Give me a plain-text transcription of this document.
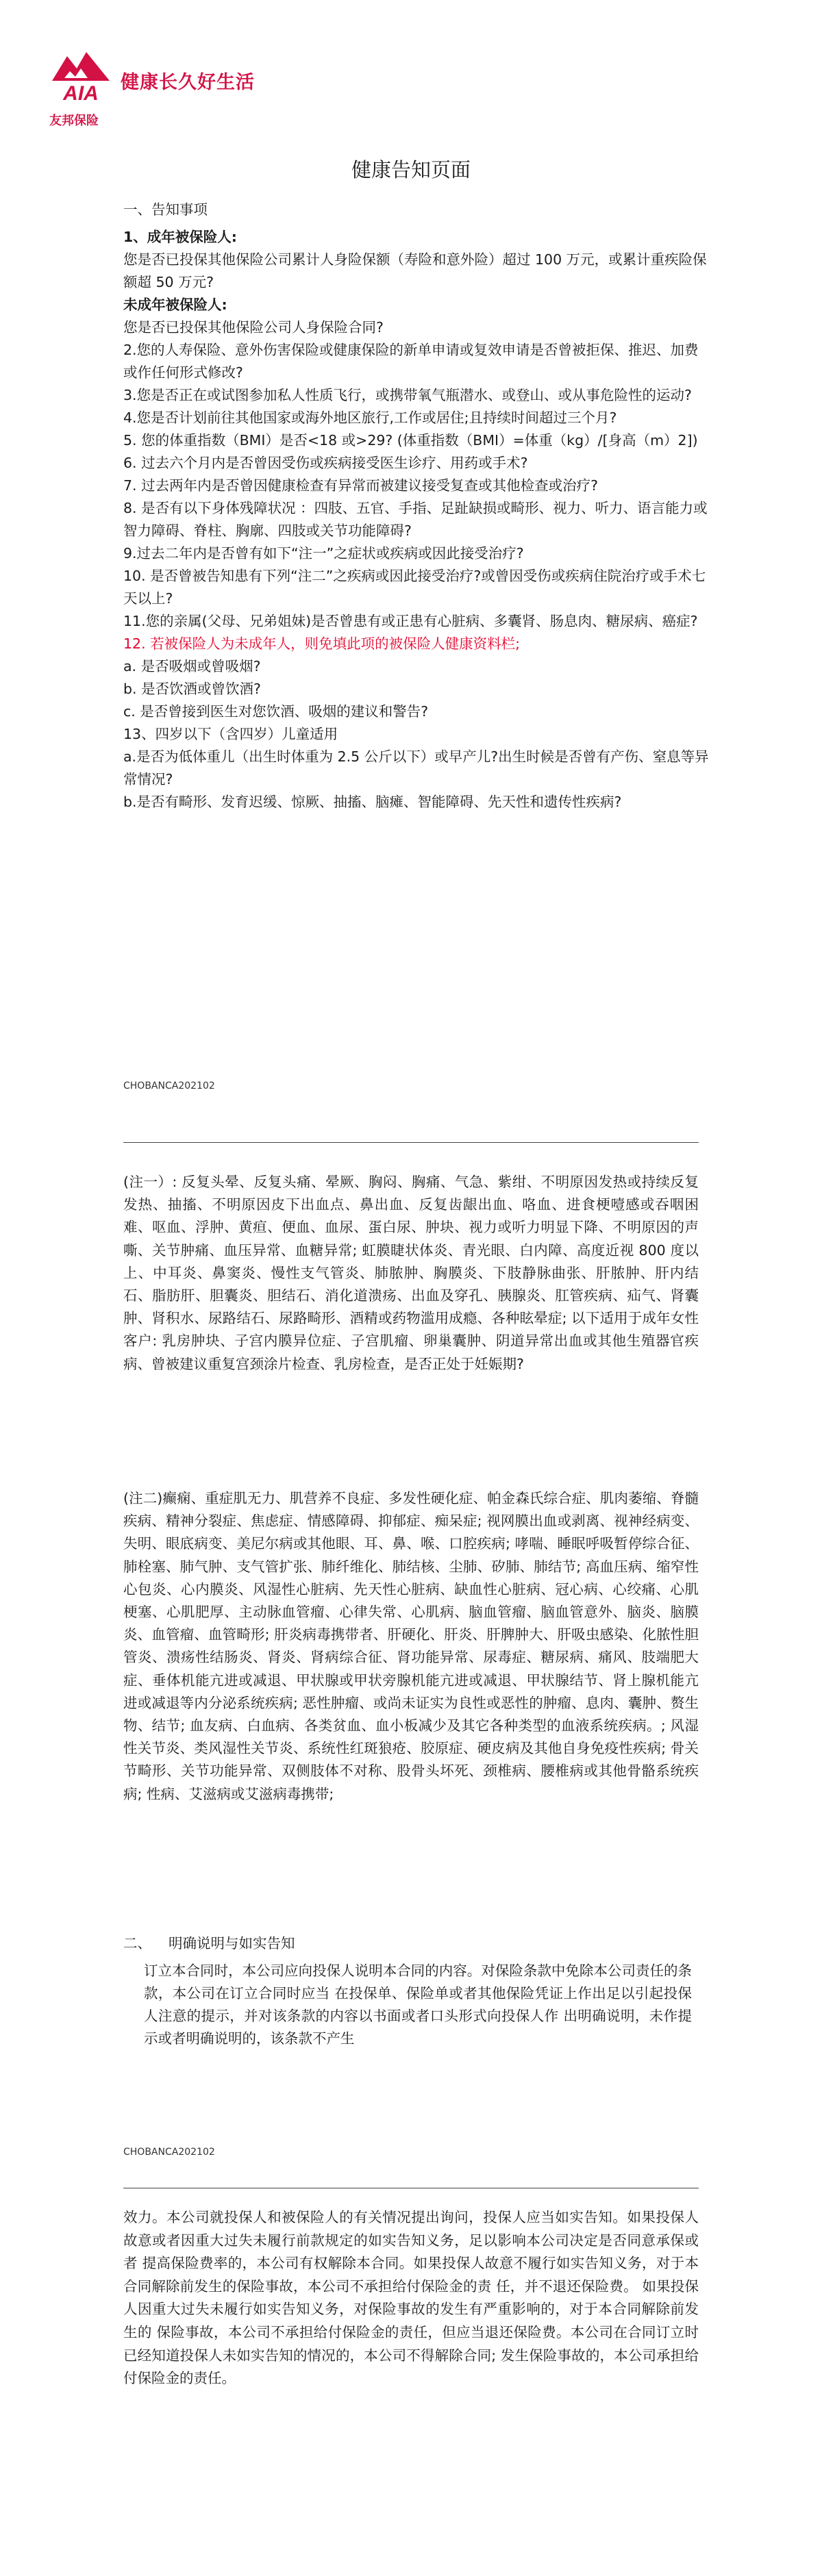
AIA 健康长久好生活
友邦保险
健康告知页面

一、告知事项

1、成年被保险人:

您是否已投保其他保险公司累计人身险保额（寿险和意外险）超过 100 万元，或累计重疾险保额超 50 万元?

未成年被保险人:

您是否已投保其他保险公司人身保险合同?

2.您的人寿保险、意外伤害保险或健康保险的新单申请或复效申请是否曾被拒保、推迟、加费或作任何形式修改?

3.您是否正在或试图参加私人性质飞行，或携带氧气瓶潜水、或登山、或从事危险性的运动?

4.您是否计划前往其他国家或海外地区旅行,工作或居住;且持续时间超过三个月?

5. 您的体重指数（BMI）是否<18 或>29? (体重指数（BMI）=体重（kg）/[身高（m）2])

6. 过去六个月内是否曾因受伤或疾病接受医生诊疗、用药或手术?

7. 过去两年内是否曾因健康检查有异常而被建议接受复查或其他检查或治疗?

8. 是否有以下身体残障状况 ：四肢、五官、手指、足趾缺损或畸形、视力、听力、语言能力或智力障碍、脊柱、胸廓、四肢或关节功能障碍?

9.过去二年内是否曾有如下“注一”之症状或疾病或因此接受治疗?

10. 是否曾被告知患有下列“注二”之疾病或因此接受治疗?或曾因受伤或疾病住院治疗或手术七天以上?

11.您的亲属(父母、兄弟姐妹)是否曾患有或正患有心脏病、多囊肾、肠息肉、糖尿病、癌症?

12. 若被保险人为未成年人，则免填此项的被保险人健康资料栏;

a. 是否吸烟或曾吸烟?

b. 是否饮酒或曾饮酒?

c. 是否曾接到医生对您饮酒、吸烟的建议和警告?

13、四岁以下（含四岁）儿童适用

a.是否为低体重儿（出生时体重为 2.5 公斤以下）或早产儿?出生时候是否曾有产伤、窒息等异常情况?

b.是否有畸形、发育迟缓、惊厥、抽搐、脑瘫、智能障碍、先天性和遗传性疾病?

CHOBANCA202102

(注一）: 反复头晕、反复头痛、晕厥、胸闷、胸痛、气急、紫绀、不明原因发热或持续反复发热、抽搐、不明原因皮下出血点、鼻出血、反复齿龈出血、咯血、进食梗噎感或吞咽困难、呕血、浮肿、黄疸、便血、血尿、蛋白尿、肿块、视力或听力明显下降、不明原因的声嘶、关节肿痛、血压异常、血糖异常; 虹膜睫状体炎、青光眼、白内障、高度近视 800 度以上、中耳炎、鼻窦炎、慢性支气管炎、肺脓肿、胸膜炎、下肢静脉曲张、肝脓肿、肝内结石、脂肪肝、胆囊炎、胆结石、消化道溃疡、出血及穿孔、胰腺炎、肛管疾病、疝气、肾囊肿、肾积水、尿路结石、尿路畸形、酒精或药物滥用成瘾、各种眩晕症; 以下适用于成年女性客户: 乳房肿块、子宫内膜异位症、子宫肌瘤、卵巢囊肿、阴道异常出血或其他生殖器官疾病、曾被建议重复宫颈涂片检查、乳房检查，是否正处于妊娠期?

(注二)癫痫、重症肌无力、肌营养不良症、多发性硬化症、帕金森氏综合症、肌肉萎缩、脊髓疾病、精神分裂症、焦虑症、情感障碍、抑郁症、痴呆症; 视网膜出血或剥离、视神经病变、失明、眼底病变、美尼尔病或其他眼、耳、鼻、喉、口腔疾病; 哮喘、睡眠呼吸暂停综合征、肺栓塞、肺气肿、支气管扩张、肺纤维化、肺结核、尘肺、矽肺、肺结节; 高血压病、缩窄性心包炎、心内膜炎、风湿性心脏病、先天性心脏病、缺血性心脏病、冠心病、心绞痛、心肌梗塞、心肌肥厚、主动脉血管瘤、心律失常、心肌病、脑血管瘤、脑血管意外、脑炎、脑膜炎、血管瘤、血管畸形; 肝炎病毒携带者、肝硬化、肝炎、肝脾肿大、肝吸虫感染、化脓性胆管炎、溃疡性结肠炎、肾炎、肾病综合征、肾功能异常、尿毒症、糖尿病、痛风、肢端肥大症、垂体机能亢进或减退、甲状腺或甲状旁腺机能亢进或减退、甲状腺结节、肾上腺机能亢进或减退等内分泌系统疾病; 恶性肿瘤、或尚未证实为良性或恶性的肿瘤、息肉、囊肿、赘生物、结节; 血友病、白血病、各类贫血、血小板减少及其它各种类型的血液系统疾病。; 风湿性关节炎、类风湿性关节炎、系统性红斑狼疮、胶原症、硬皮病及其他自身免疫性疾病; 骨关节畸形、关节功能异常、双侧肢体不对称、股骨头坏死、颈椎病、腰椎病或其他骨骼系统疾病; 性病、艾滋病或艾滋病毒携带;

二、 明确说明与如实告知
订立本合同时，本公司应向投保人说明本合同的内容。对保险条款中免除本公司责任的条款，本公司在订立合同时应当 在投保单、保险单或者其他保险凭证上作出足以引起投保人注意的提示，并对该条款的内容以书面或者口头形式向投保人作 出明确说明，未作提示或者明确说明的，该条款不产生
CHOBANCA202102
效力。本公司就投保人和被保险人的有关情况提出询问，投保人应当如实告知。如果投保人故意或者因重大过失未履行前款规定的如实告知义务，足以影响本公司决定是否同意承保或者 提高保险费率的，本公司有权解除本合同。如果投保人故意不履行如实告知义务，对于本合同解除前发生的保险事故，本公司不承担给付保险金的责 任，并不退还保险费。 如果投保人因重大过失未履行如实告知义务，对保险事故的发生有严重影响的，对于本合同解除前发生的 保险事故，本公司不承担给付保险金的责任，但应当退还保险费。本公司在合同订立时已经知道投保人未如实告知的情况的，本公司不得解除合同; 发生保险事故的，本公司承担给付保险金的责任。
